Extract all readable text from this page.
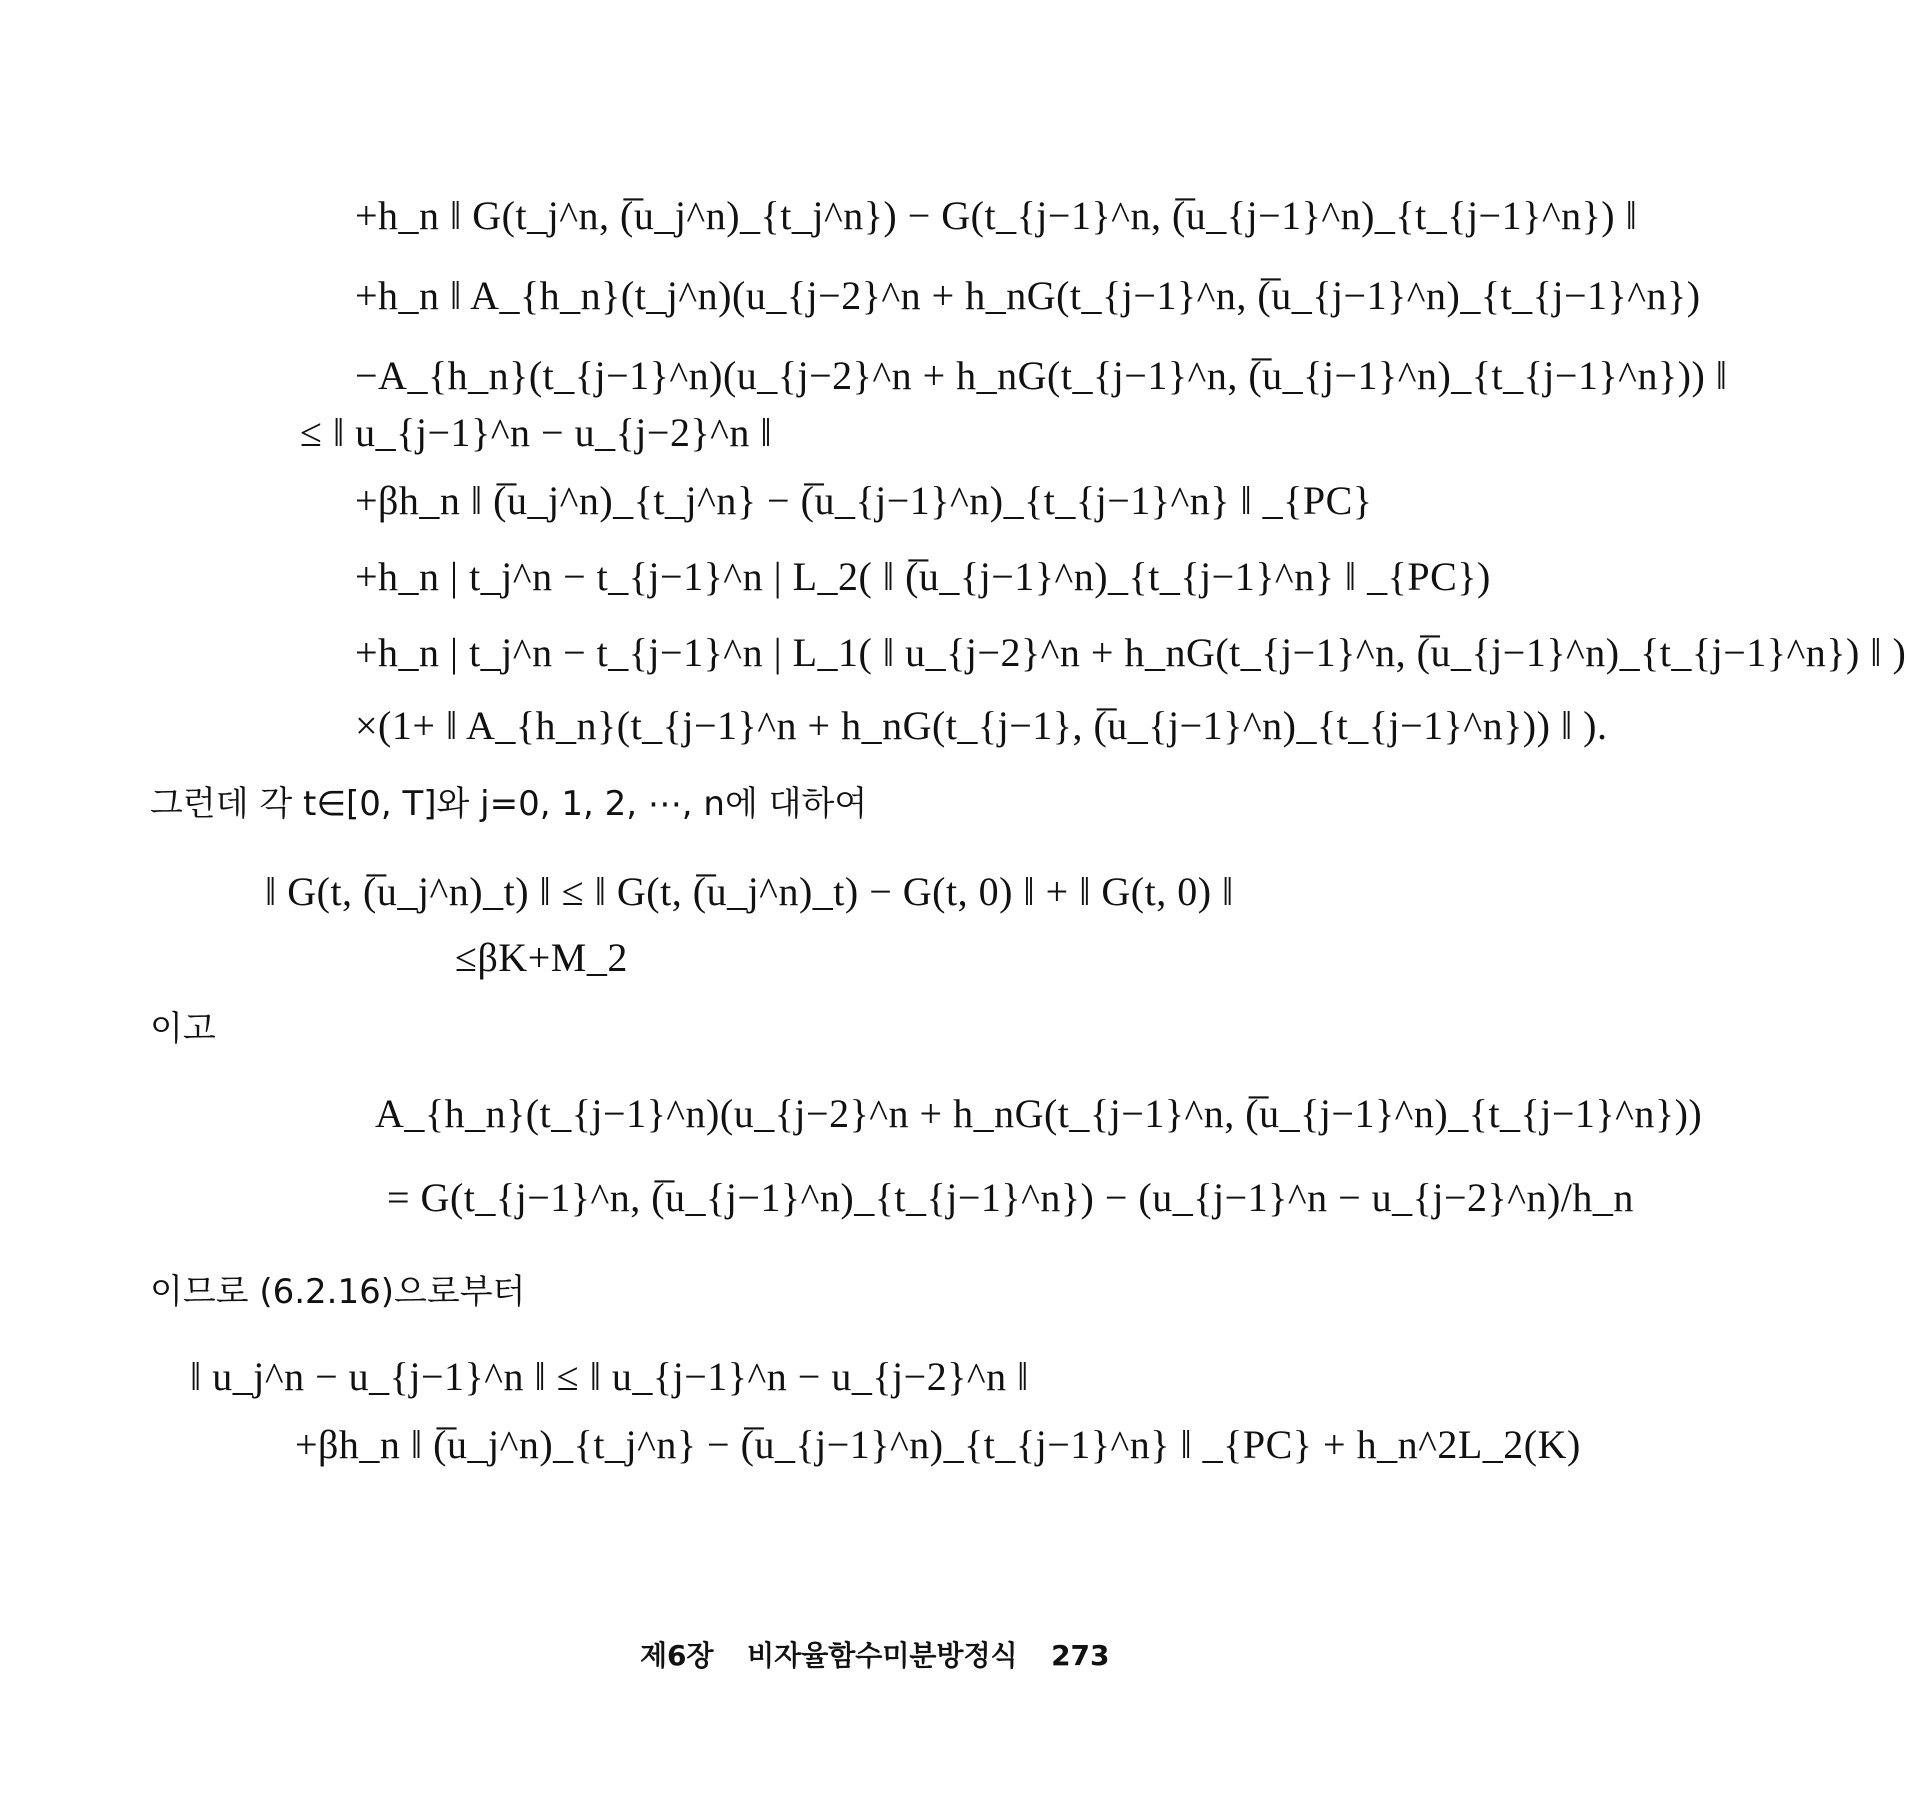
+h_n ‖ G(t_j^n, (̅u_j^n)_{t_j^n}) − G(t_{j−1}^n, (̅u_{j−1}^n)_{t_{j−1}^n}) ‖
+h_n ‖ A_{h_n}(t_j^n)(u_{j−2}^n + h_nG(t_{j−1}^n, (̅u_{j−1}^n)_{t_{j−1}^n})
−A_{h_n}(t_{j−1}^n)(u_{j−2}^n + h_nG(t_{j−1}^n, (̅u_{j−1}^n)_{t_{j−1}^n})) ‖
≤ ‖ u_{j−1}^n − u_{j−2}^n ‖
+βh_n ‖ (̅u_j^n)_{t_j^n} − (̅u_{j−1}^n)_{t_{j−1}^n} ‖ _{PC}
+h_n | t_j^n − t_{j−1}^n | L_2( ‖ (̅u_{j−1}^n)_{t_{j−1}^n} ‖ _{PC})
+h_n | t_j^n − t_{j−1}^n | L_1( ‖ u_{j−2}^n + h_nG(t_{j−1}^n, (̅u_{j−1}^n)_{t_{j−1}^n}) ‖ )
×(1+ ‖ A_{h_n}(t_{j−1}^n + h_nG(t_{j−1}, (̅u_{j−1}^n)_{t_{j−1}^n})) ‖ ).
그런데 각 t∈[0, T]와 j=0, 1, 2, ⋯, n에 대하여
‖ G(t, (̅u_j^n)_t) ‖ ≤ ‖ G(t, (̅u_j^n)_t) − G(t, 0) ‖ + ‖ G(t, 0) ‖
≤βK+M_2
이고
A_{h_n}(t_{j−1}^n)(u_{j−2}^n + h_nG(t_{j−1}^n, (̅u_{j−1}^n)_{t_{j−1}^n}))
= G(t_{j−1}^n, (̅u_{j−1}^n)_{t_{j−1}^n}) − (u_{j−1}^n − u_{j−2}^n)/h_n
이므로 (6.2.16)으로부터
‖ u_j^n − u_{j−1}^n ‖ ≤ ‖ u_{j−1}^n − u_{j−2}^n ‖
+βh_n ‖ (̅u_j^n)_{t_j^n} − (̅u_{j−1}^n)_{t_{j−1}^n} ‖ _{PC} + h_n^2L_2(K)
제6장 비자율함수미분방정식 273
